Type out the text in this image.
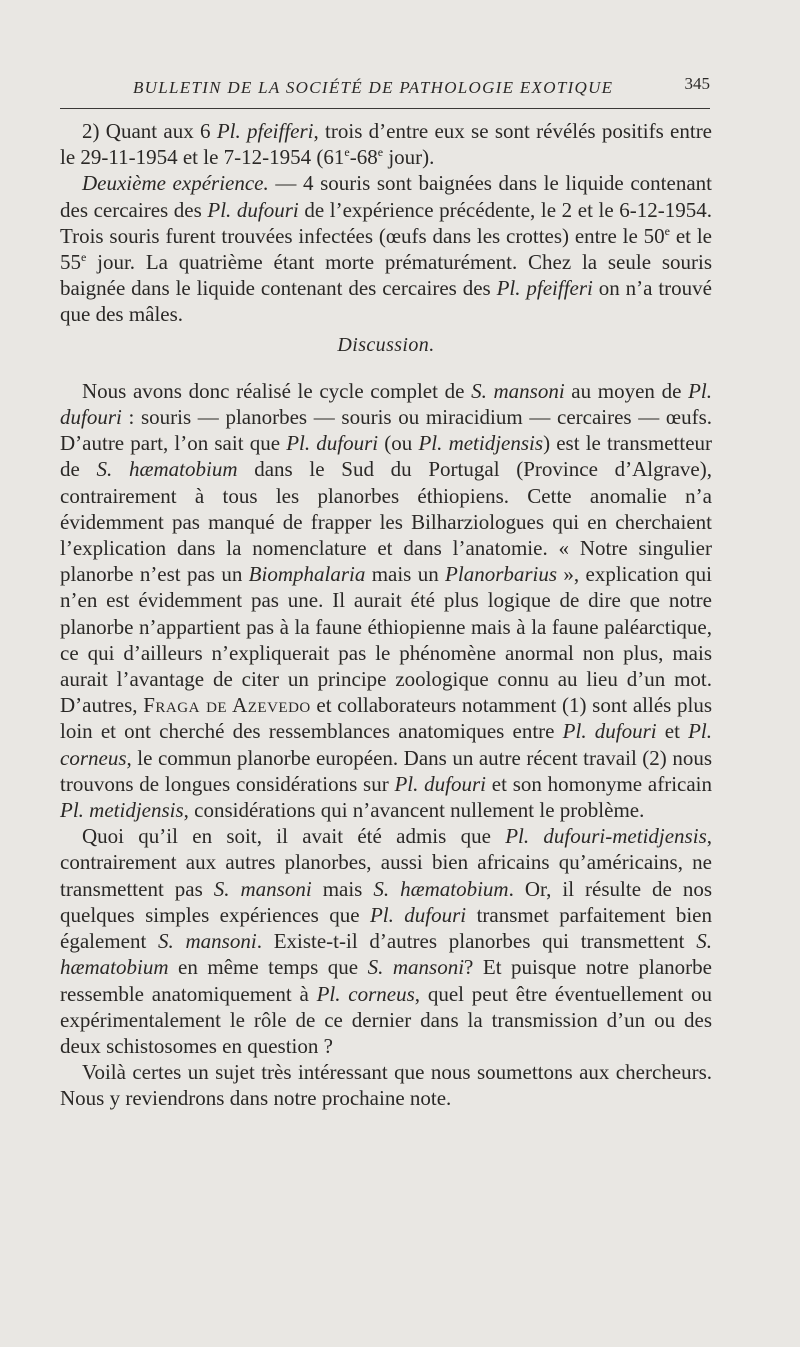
BULLETIN DE LA SOCIÉTÉ DE PATHOLOGIE EXOTIQUE	345

2) Quant aux 6 Pl. pfeifferi, trois d’entre eux se sont révélés positifs entre le 29-11-1954 et le 7-12-1954 (61e-68e jour).

Deuxième expérience. — 4 souris sont baignées dans le liquide contenant des cercaires des Pl. dufouri de l’expérience précédente, le 2 et le 6-12-1954. Trois souris furent trouvées infectées (œufs dans les crottes) entre le 50e et le 55e jour. La quatrième étant morte prématurément. Chez la seule souris baignée dans le liquide contenant des cercaires des Pl. pfeifferi on n’a trouvé que des mâles.

Discussion.

Nous avons donc réalisé le cycle complet de S. mansoni au moyen de Pl. dufouri : souris — planorbes — souris ou miracidium — cercaires — œufs. D’autre part, l’on sait que Pl. dufouri (ou Pl. metidjensis) est le transmetteur de S. hæmatobium dans le Sud du Portugal (Province d’Algrave), contrairement à tous les planorbes éthiopiens. Cette anomalie n’a évidemment pas manqué de frapper les Bilharziologues qui en cherchaient l’explication dans la nomenclature et dans l’anatomie. « Notre singulier planorbe n’est pas un Biomphalaria mais un Planorbarius », explication qui n’en est évidemment pas une. Il aurait été plus logique de dire que notre planorbe n’appartient pas à la faune éthiopienne mais à la faune paléarctique, ce qui d’ailleurs n’expliquerait pas le phénomène anormal non plus, mais aurait l’avantage de citer un principe zoologique connu au lieu d’un mot. D’autres, Fraga de Azevedo et collaborateurs notamment (1) sont allés plus loin et ont cherché des ressemblances anatomiques entre Pl. dufouri et Pl. corneus, le commun planorbe européen. Dans un autre récent travail (2) nous trouvons de longues considérations sur Pl. dufouri et son homonyme africain Pl. metidjensis, considérations qui n’avancent nullement le problème.

Quoi qu’il en soit, il avait été admis que Pl. dufouri-metidjensis, contrairement aux autres planorbes, aussi bien africains qu’américains, ne transmettent pas S. mansoni mais S. hæmatobium. Or, il résulte de nos quelques simples expériences que Pl. dufouri transmet parfaitement bien également S. mansoni. Existe-t-il d’autres planorbes qui transmettent S. hæmatobium en même temps que S. mansoni? Et puisque notre planorbe ressemble anatomiquement à Pl. corneus, quel peut être éventuellement ou expérimentalement le rôle de ce dernier dans la transmission d’un ou des deux schistosomes en question ?

Voilà certes un sujet très intéressant que nous soumettons aux chercheurs. Nous y reviendrons dans notre prochaine note.
